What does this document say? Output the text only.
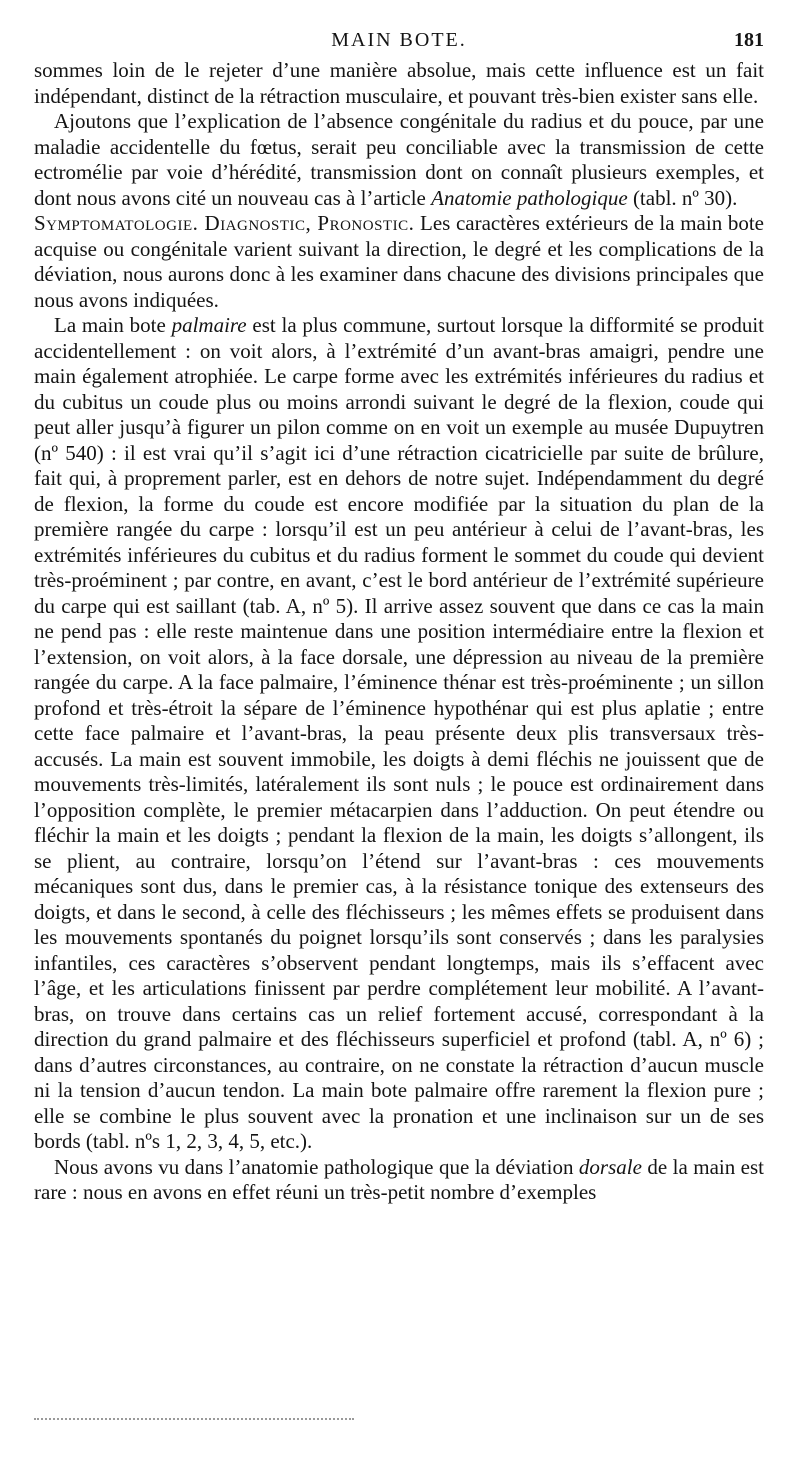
MAIN BOTE.	181

sommes loin de le rejeter d’une manière absolue, mais cette influence est un fait indépendant, distinct de la rétraction musculaire, et pouvant très-bien exister sans elle.

Ajoutons que l’explication de l’absence congénitale du radius et du pouce, par une maladie accidentelle du fœtus, serait peu conciliable avec la transmission de cette ectromélie par voie d’hérédité, transmission dont on connaît plusieurs exemples, et dont nous avons cité un nouveau cas à l’article Anatomie pathologique (tabl. nº 30).

Symptomatologie. Diagnostic, Pronostic. Les caractères extérieurs de la main bote acquise ou congénitale varient suivant la direction, le degré et les complications de la déviation, nous aurons donc à les examiner dans chacune des divisions principales que nous avons indiquées.

La main bote palmaire est la plus commune, surtout lorsque la difformité se produit accidentellement : on voit alors, à l’extrémité d’un avant-bras amaigri, pendre une main également atrophiée. Le carpe forme avec les extrémités inférieures du radius et du cubitus un coude plus ou moins arrondi suivant le degré de la flexion, coude qui peut aller jusqu’à figurer un pilon comme on en voit un exemple au musée Dupuytren (nº 540) : il est vrai qu’il s’agit ici d’une rétraction cicatricielle par suite de brûlure, fait qui, à proprement parler, est en dehors de notre sujet. Indépendamment du degré de flexion, la forme du coude est encore modifiée par la situation du plan de la première rangée du carpe : lorsqu’il est un peu antérieur à celui de l’avant-bras, les extrémités inférieures du cubitus et du radius forment le sommet du coude qui devient très-proéminent ; par contre, en avant, c’est le bord antérieur de l’extrémité supérieure du carpe qui est saillant (tab. A, nº 5). Il arrive assez souvent que dans ce cas la main ne pend pas : elle reste maintenue dans une position intermédiaire entre la flexion et l’extension, on voit alors, à la face dorsale, une dépression au niveau de la première rangée du carpe. A la face palmaire, l’éminence thénar est très-proéminente ; un sillon profond et très-étroit la sépare de l’éminence hypothénar qui est plus aplatie ; entre cette face palmaire et l’avant-bras, la peau présente deux plis transversaux très-accusés. La main est souvent immobile, les doigts à demi fléchis ne jouissent que de mouvements très-limités, latéralement ils sont nuls ; le pouce est ordinairement dans l’opposition complète, le premier métacarpien dans l’adduction. On peut étendre ou fléchir la main et les doigts ; pendant la flexion de la main, les doigts s’allongent, ils se plient, au contraire, lorsqu’on l’étend sur l’avant-bras : ces mouvements mécaniques sont dus, dans le premier cas, à la résistance tonique des extenseurs des doigts, et dans le second, à celle des fléchisseurs ; les mêmes effets se produisent dans les mouvements spontanés du poignet lorsqu’ils sont conservés ; dans les paralysies infantiles, ces caractères s’observent pendant longtemps, mais ils s’effacent avec l’âge, et les articulations finissent par perdre complétement leur mobilité. A l’avant-bras, on trouve dans certains cas un relief fortement accusé, correspondant à la direction du grand palmaire et des fléchisseurs superficiel et profond (tabl. A, nº 6) ; dans d’autres circonstances, au contraire, on ne constate la rétraction d’aucun muscle ni la tension d’aucun tendon. La main bote palmaire offre rarement la flexion pure ; elle se combine le plus souvent avec la pronation et une inclinaison sur un de ses bords (tabl. nºs 1, 2, 3, 4, 5, etc.).

Nous avons vu dans l’anatomie pathologique que la déviation dorsale de la main est rare : nous en avons en effet réuni un très-petit nombre d’exemples
